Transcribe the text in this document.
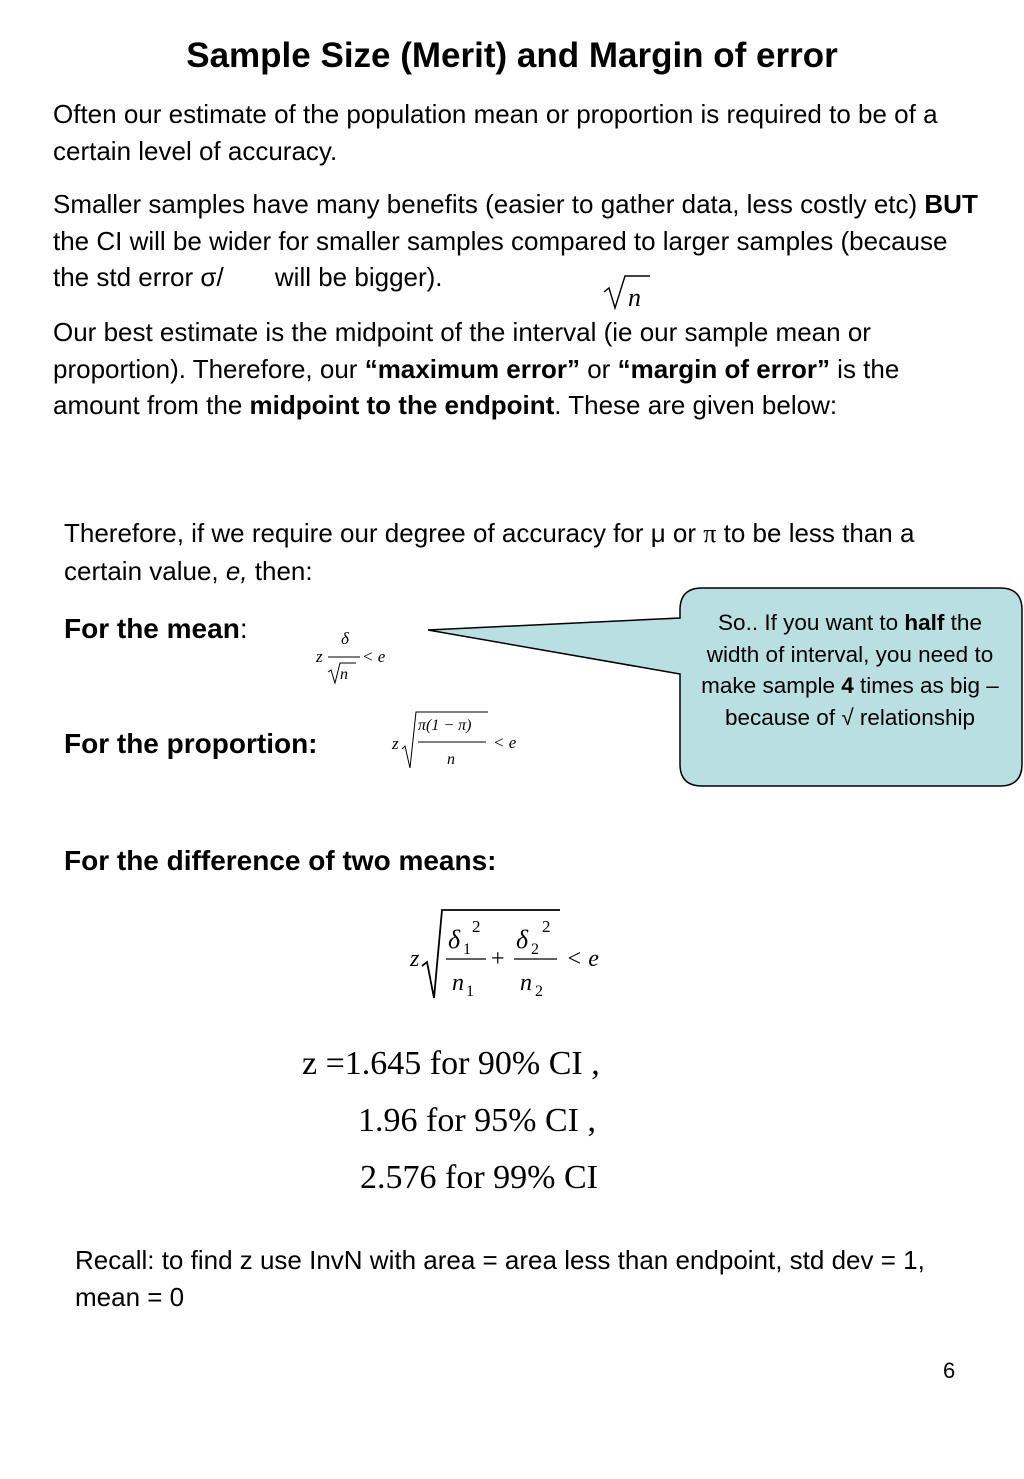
Sample Size (Merit) and Margin of error
Often our estimate of the population mean or proportion is required to be of a certain level of accuracy.
Smaller samples have many benefits (easier to gather data, less costly etc) BUT the CI will be wider for smaller samples compared to larger samples (because the std error σ/ will be bigger).
n
Our best estimate is the midpoint of the interval (ie our sample mean or proportion). Therefore, our “maximum error” or “margin of error” is the amount from the midpoint to the endpoint. These are given below:
Therefore, if we require our degree of accuracy for μ or π to be less than a certain value, e, then:
For the mean:
z
δ
n
< e
So.. If you want to half the width of interval, you need to make sample 4 times as big – because of √ relationship
For the proportion:	z
π(1 − π)
n
< e
For the difference of two means:
z
δ 1
2
n 1
+
δ 2
2
n 2
< e
z =1.645 for 90% CI ,
1.96 for 95% CI ,
2.576 for 99% CI
Recall: to find z use InvN with area = area less than endpoint, std dev = 1, mean = 0
6
